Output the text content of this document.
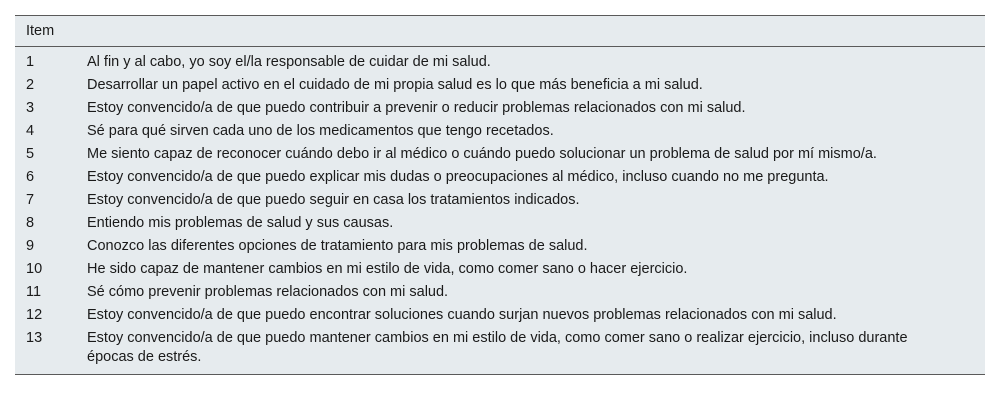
Item
1	Al fin y al cabo, yo soy el/la responsable de cuidar de mi salud.
2	Desarrollar un papel activo en el cuidado de mi propia salud es lo que más beneficia a mi salud.
3	Estoy convencido/a de que puedo contribuir a prevenir o reducir problemas relacionados con mi salud.
4	Sé para qué sirven cada uno de los medicamentos que tengo recetados.
5	Me siento capaz de reconocer cuándo debo ir al médico o cuándo puedo solucionar un problema de salud por mí mismo/a.
6	Estoy convencido/a de que puedo explicar mis dudas o preocupaciones al médico, incluso cuando no me pregunta.
7	Estoy convencido/a de que puedo seguir en casa los tratamientos indicados.
8	Entiendo mis problemas de salud y sus causas.
9	Conozco las diferentes opciones de tratamiento para mis problemas de salud.
10	He sido capaz de mantener cambios en mi estilo de vida, como comer sano o hacer ejercicio.
11	Sé cómo prevenir problemas relacionados con mi salud.
12	Estoy convencido/a de que puedo encontrar soluciones cuando surjan nuevos problemas relacionados con mi salud.
13	Estoy convencido/a de que puedo mantener cambios en mi estilo de vida, como comer sano o realizar ejercicio, incluso durante épocas de estrés.
